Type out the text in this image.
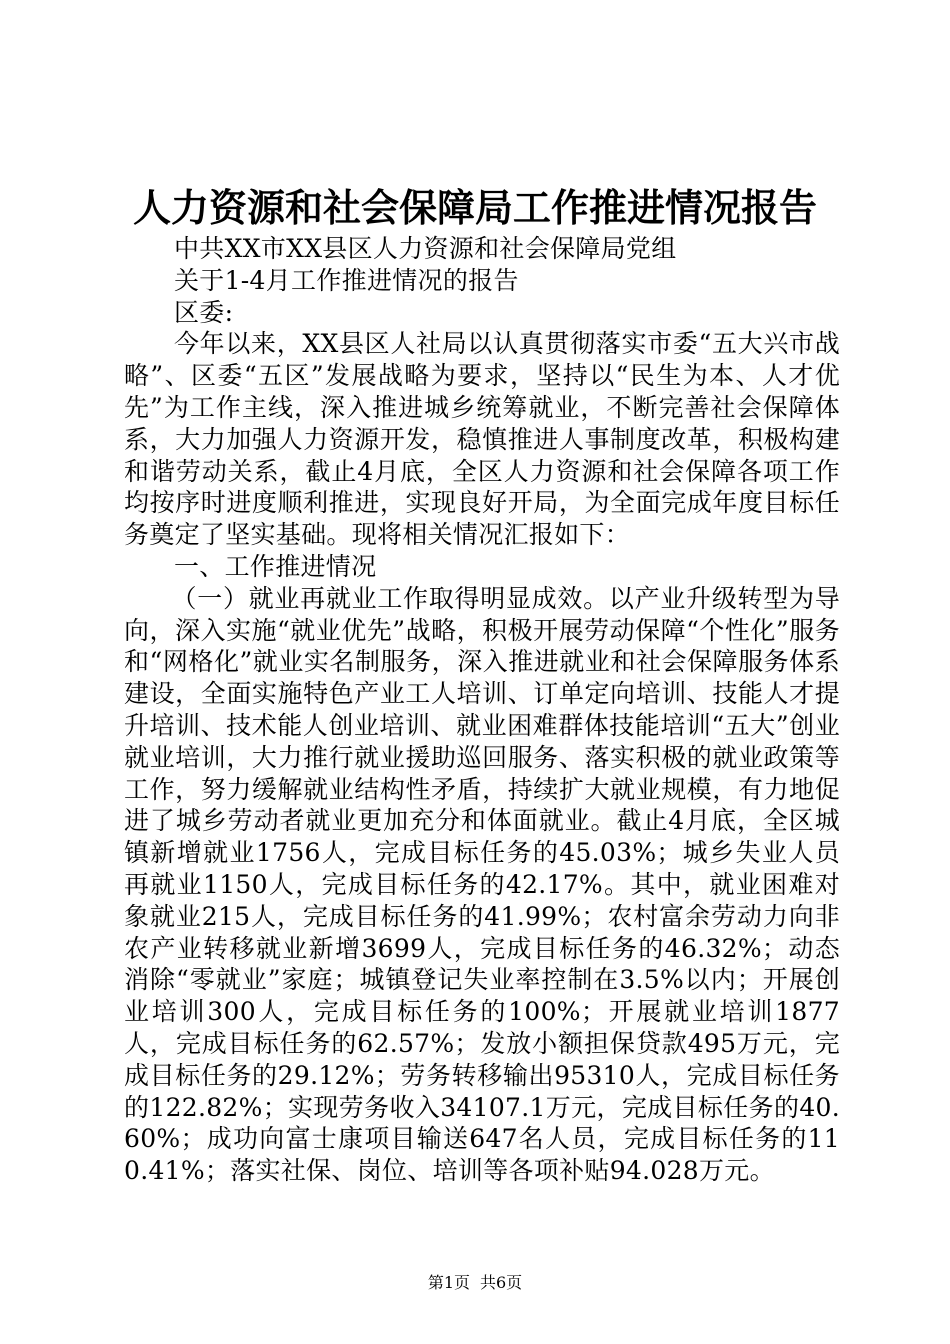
人力资源和社会保障局工作推进情况报告

中共XX市XX县区人力资源和社会保障局党组

关于1-4月工作推进情况的报告

区委:

今年以来，XX县区人社局以认真贯彻落实市委“五大兴市战略”、区委“五区”发展战略为要求，坚持以“民生为本、人才优先”为工作主线，深入推进城乡统筹就业，不断完善社会保障体系，大力加强人力资源开发，稳慎推进人事制度改革，积极构建和谐劳动关系，截止4月底，全区人力资源和社会保障各项工作均按序时进度顺利推进，实现良好开局，为全面完成年度目标任务奠定了坚实基础。现将相关情况汇报如下：

一、工作推进情况

（一）就业再就业工作取得明显成效。以产业升级转型为导向，深入实施“就业优先”战略，积极开展劳动保障“个性化”服务和“网格化”就业实名制服务，深入推进就业和社会保障服务体系建设，全面实施特色产业工人培训、订单定向培训、技能人才提升培训、技术能人创业培训、就业困难群体技能培训“五大”创业就业培训，大力推行就业援助巡回服务、落实积极的就业政策等工作，努力缓解就业结构性矛盾，持续扩大就业规模，有力地促进了城乡劳动者就业更加充分和体面就业。截止4月底，全区城镇新增就业1756人，完成目标任务的45.03%；城乡失业人员再就业1150人，完成目标任务的42.17%。其中，就业困难对象就业215人，完成目标任务的41.99%；农村富余劳动力向非农产业转移就业新增3699人，完成目标任务的46.32%；动态消除“零就业”家庭；城镇登记失业率控制在3.5%以内；开展创业培训300人，完成目标任务的100%；开展就业培训1877人，完成目标任务的62.57%；发放小额担保贷款495万元，完成目标任务的29.12%；劳务转移输出95310人，完成目标任务的122.82%；实现劳务收入34107.1万元，完成目标任务的40.60%；成功向富士康项目输送647名人员，完成目标任务的110.41%；落实社保、岗位、培训等各项补贴94.028万元。

第1页 共6页
